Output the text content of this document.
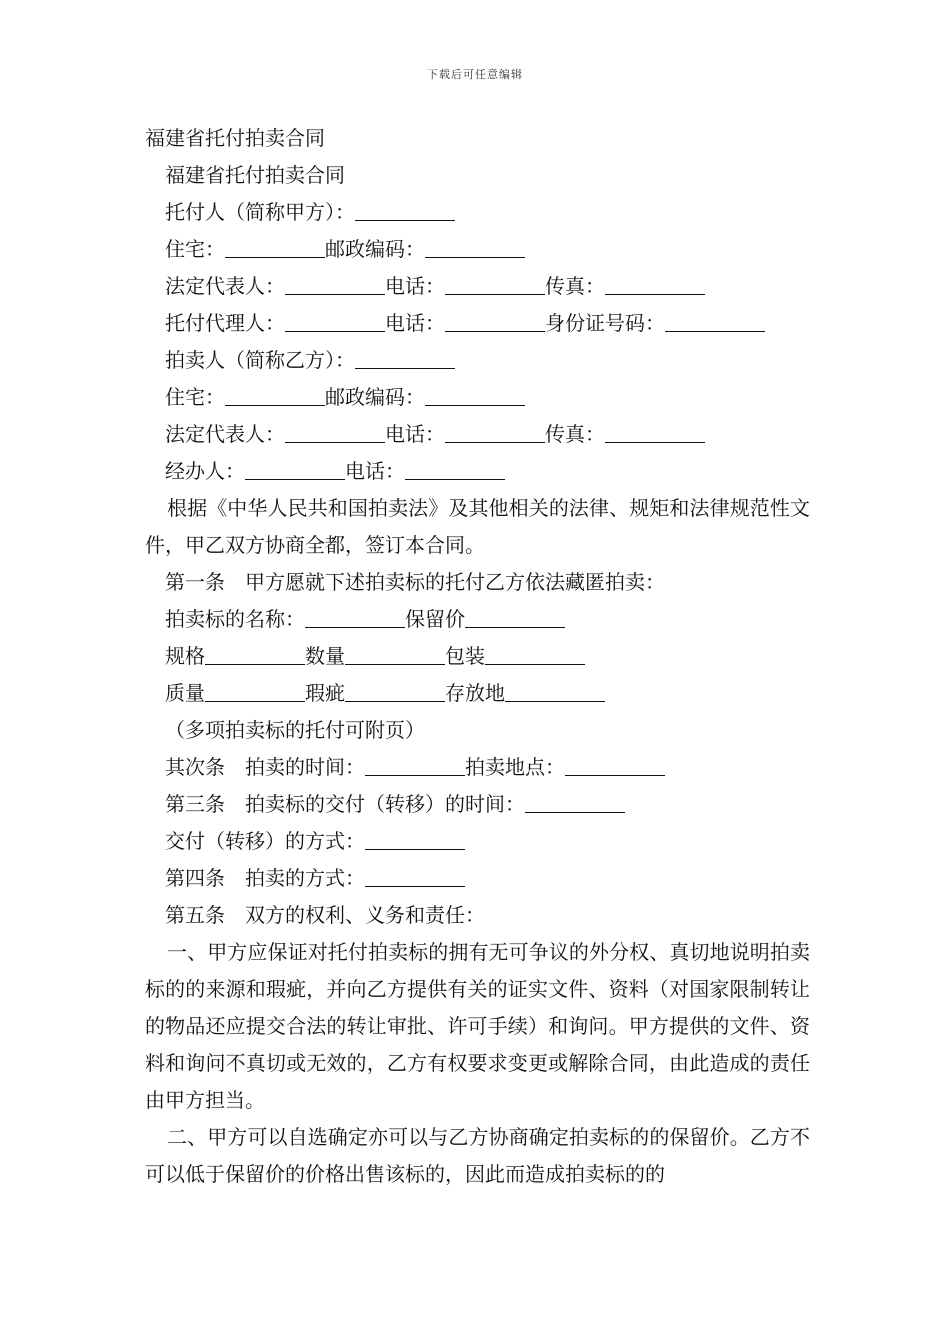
下载后可任意编辑
福建省托付拍卖合同
福建省托付拍卖合同
托付人（简称甲方）：
住宅：	邮政编码：
法定代表人：	电话：	传真：
托付代理人：	电话：	身份证号码：
拍卖人（简称乙方）：
住宅：	邮政编码：
法定代表人：	电话：	传真：
经办人：	电话：
根据《中华人民共和国拍卖法》及其他相关的法律、规矩和法律规范性文件，甲乙双方协商全都，签订本合同。
第一条 甲方愿就下述拍卖标的托付乙方依法藏匿拍卖：
拍卖标的名称：	保留价
规格	数量	包装
质量	瑕疵	存放地
（多项拍卖标的托付可附页）
其次条 拍卖的时间：	拍卖地点：
第三条 拍卖标的交付（转移）的时间：
交付（转移）的方式：
第四条 拍卖的方式：
第五条 双方的权利、义务和责任：
一、甲方应保证对托付拍卖标的拥有无可争议的外分权、真切地说明拍卖标的的来源和瑕疵，并向乙方提供有关的证实文件、资料（对国家限制转让的物品还应提交合法的转让审批、许可手续）和询问。甲方提供的文件、资料和询问不真切或无效的，乙方有权要求变更或解除合同，由此造成的责任由甲方担当。
二、甲方可以自选确定亦可以与乙方协商确定拍卖标的的保留价。乙方不可以低于保留价的价格出售该标的，因此而造成拍卖标的的
